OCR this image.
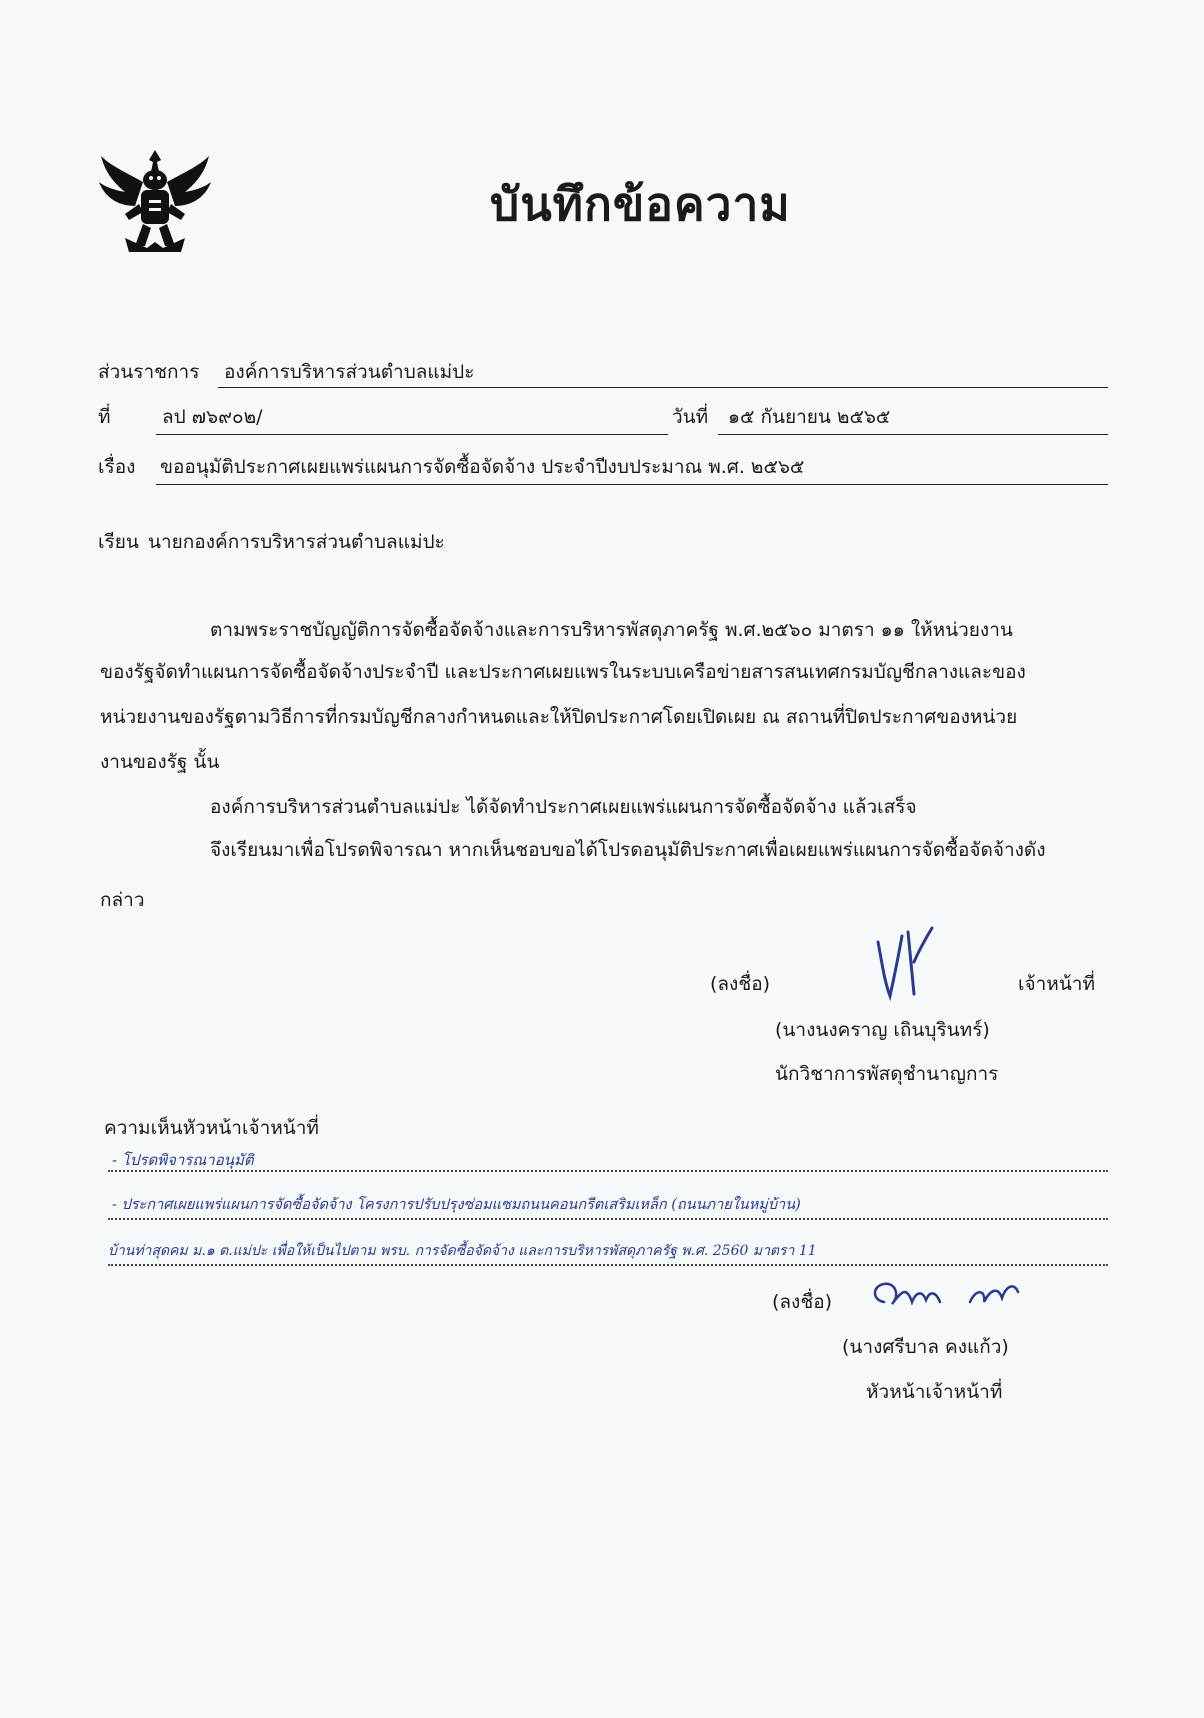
บันทึกข้อความ
ส่วนราชการ องค์การบริหารส่วนตำบลแม่ปะ
ที่	ลป ๗๖๙๐๒/	วันที่ ๑๕ กันยายน ๒๕๖๕
เรื่อง ขออนุมัติประกาศเผยแพร่แผนการจัดซื้อจัดจ้าง ประจำปีงบประมาณ พ.ศ. ๒๕๖๕
เรียน นายกองค์การบริหารส่วนตำบลแม่ปะ
ตามพระราชบัญญัติการจัดซื้อจัดจ้างและการบริหารพัสดุภาครัฐ พ.ศ.๒๕๖๐ มาตรา ๑๑ ให้หน่วยงาน
ของรัฐจัดทำแผนการจัดซื้อจัดจ้างประจำปี และประกาศเผยแพรในระบบเครือข่ายสารสนเทศกรมบัญชีกลางและของ
หน่วยงานของรัฐตามวิธีการที่กรมบัญชีกลางกำหนดและให้ปิดประกาศโดยเปิดเผย ณ สถานที่ปิดประกาศของหน่วย
งานของรัฐ นั้น
องค์การบริหารส่วนตำบลแม่ปะ ได้จัดทำประกาศเผยแพร่แผนการจัดซื้อจัดจ้าง แล้วเสร็จ
จึงเรียนมาเพื่อโปรดพิจารณา หากเห็นชอบขอได้โปรดอนุมัติประกาศเพื่อเผยแพร่แผนการจัดซื้อจัดจ้างดัง
กล่าว
(ลงชื่อ)	เจ้าหน้าที่
(นางนงคราญ เถินบุรินทร์)
นักวิชาการพัสดุชำนาญการ
ความเห็นหัวหน้าเจ้าหน้าที่
- โปรดพิจารณาอนุมัติ
- ประกาศเผยแพร่แผนการจัดซื้อจัดจ้าง โครงการปรับปรุงซ่อมแซมถนนคอนกรีตเสริมเหล็ก (ถนนภายในหมู่บ้าน)
บ้านท่าสุดคม ม.๑ ต.แม่ปะ เพื่อให้เป็นไปตาม พรบ. การจัดซื้อจัดจ้าง และการบริหารพัสดุภาครัฐ พ.ศ. 2560 มาตรา 11
(ลงชื่อ)
(นางศรีบาล คงแก้ว)
หัวหน้าเจ้าหน้าที่
